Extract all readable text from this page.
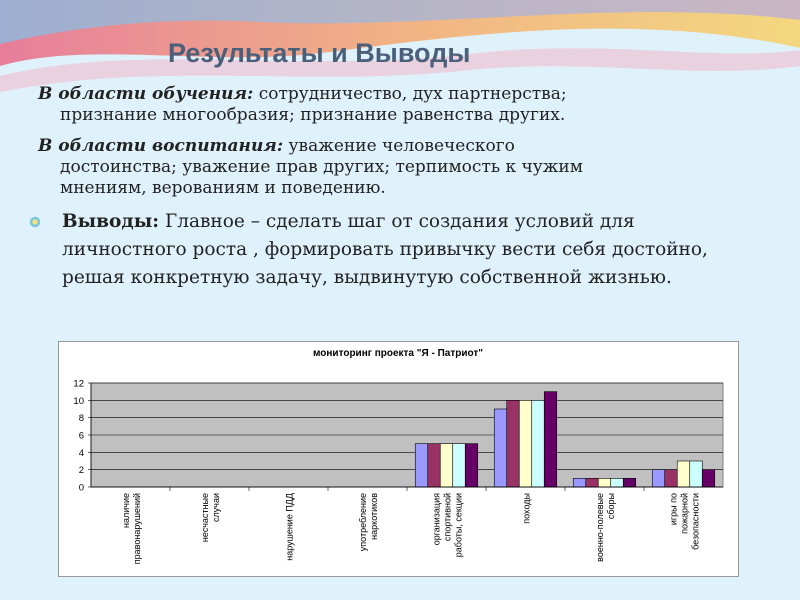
Результаты и Выводы
В области обучения: сотрудничество, дух партнерства;
признание многообразия; признание равенства других.
В области воспитания: уважение человеческого
достоинства; уважение прав других; терпимость к чужим
мнениям, верованиям и поведению.
Выводы: Главное – сделать шаг от создания условий для личностного роста , формировать привычку вести себя достойно, решая конкретную задачу, выдвинутую собственной жизнью.
мониторинг проекта "Я - Патриот"
0
2
4
6
8
10
12
наличие правонарушений	несчастные случаи	нарушение ПДД	употребление наркотиков	организация спортивной работы, секции	походы	военно-полевые сборы	игры по пожарной безопасности
